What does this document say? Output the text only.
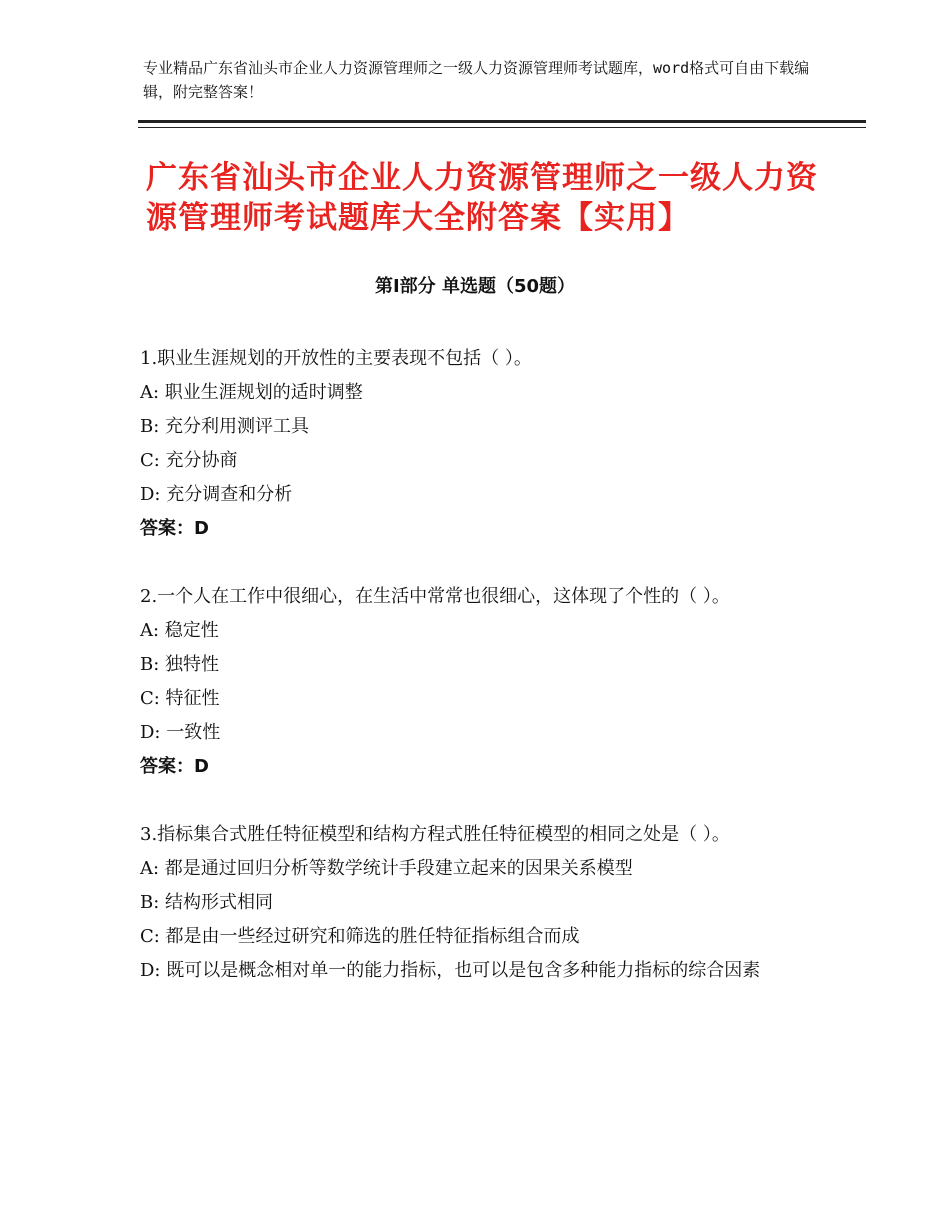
专业精品广东省汕头市企业人力资源管理师之一级人力资源管理师考试题库，word格式可自由下载编辑，附完整答案！
广东省汕头市企业人力资源管理师之一级人力资源管理师考试题库大全附答案【实用】
第Ⅰ部分 单选题（50题）
1.职业生涯规划的开放性的主要表现不包括（ ）。
A: 职业生涯规划的适时调整
B: 充分利用测评工具
C: 充分协商
D: 充分调查和分析
答案：D
2.一个人在工作中很细心，在生活中常常也很细心，这体现了个性的（ ）。
A: 稳定性
B: 独特性
C: 特征性
D: 一致性
答案：D
3.指标集合式胜任特征模型和结构方程式胜任特征模型的相同之处是（ ）。
A: 都是通过回归分析等数学统计手段建立起来的因果关系模型
B: 结构形式相同
C: 都是由一些经过研究和筛选的胜任特征指标组合而成
D: 既可以是概念相对单一的能力指标，也可以是包含多种能力指标的综合因素
